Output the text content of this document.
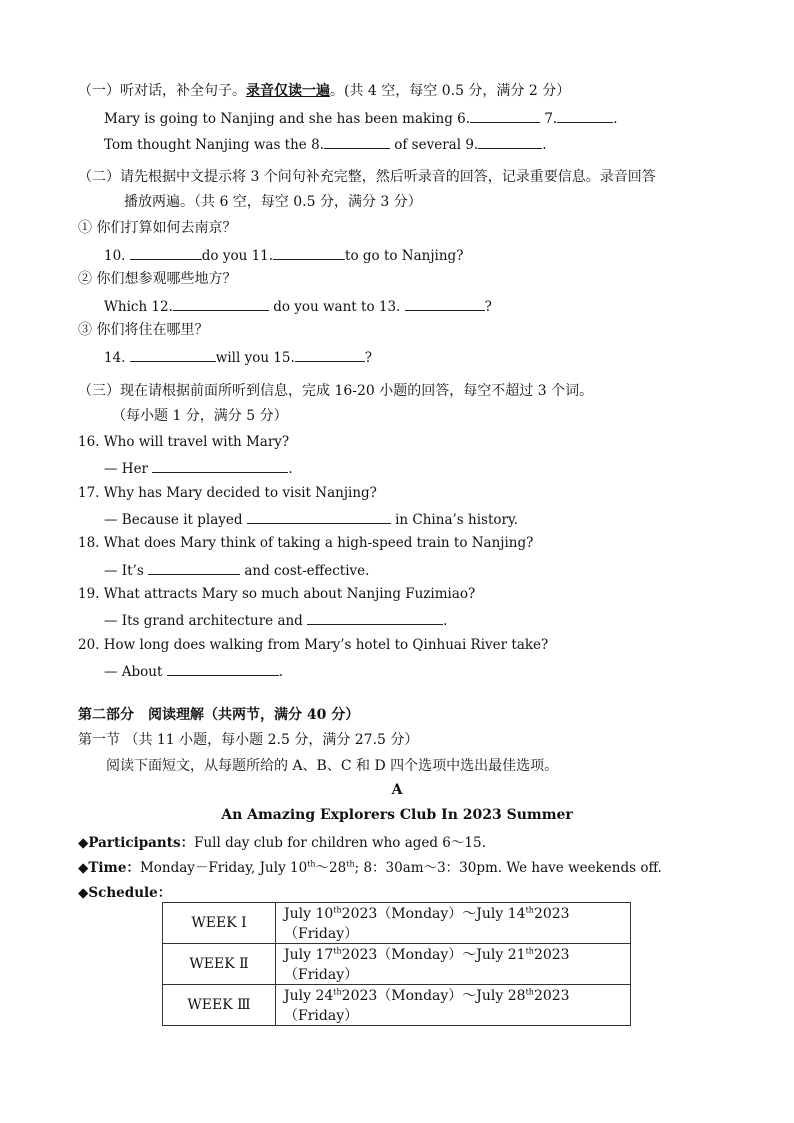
（一）听对话，补全句子。录音仅读一遍。(共 4 空，每空 0.5 分，满分 2 分）
Mary is going to Nanjing and she has been making 6.	7.	.
Tom thought Nanjing was the 8.	of several 9.	.
（二）请先根据中文提示将 3 个问句补充完整，然后听录音的回答，记录重要信息。录音回答
播放两遍。（共 6 空，每空 0.5 分，满分 3 分）
① 你们打算如何去南京？
10.	do you 11.	to go to Nanjing?
② 你们想参观哪些地方？
Which 12.	do you want to 13.	?
③ 你们将住在哪里？
14.	will you 15.	?
（三）现在请根据前面所听到信息，完成 16-20 小题的回答，每空不超过 3 个词。
（每小题 1 分，满分 5 分）
16. Who will travel with Mary?
— Her	.
17. Why has Mary decided to visit Nanjing?
— Because it played	in China’s history.
18. What does Mary think of taking a high-speed train to Nanjing?
— It’s	and cost-effective.
19. What attracts Mary so much about Nanjing Fuzimiao?
— Its grand architecture and	.
20. How long does walking from Mary’s hotel to Qinhuai River take?
— About	.
第二部分　阅读理解（共两节，满分 40 分）
第一节 （共 11 小题，每小题 2.5 分，满分 27.5 分）
阅读下面短文，从每题所给的 A、B、C 和 D 四个选项中选出最佳选项。
A
An Amazing Explorers Club In 2023 Summer
◆Participants：Full day club for children who aged 6～15.
◆Time：Monday－Friday, July 10th～28th; 8：30am～3：30pm. We have weekends off.
◆Schedule：
WEEK Ⅰ	July 10th2023（Monday）～July 14th2023（Friday）
WEEK Ⅱ	July 17th2023（Monday）～July 21th2023（Friday）
WEEK Ⅲ	July 24th2023（Monday）～July 28th2023（Friday）
